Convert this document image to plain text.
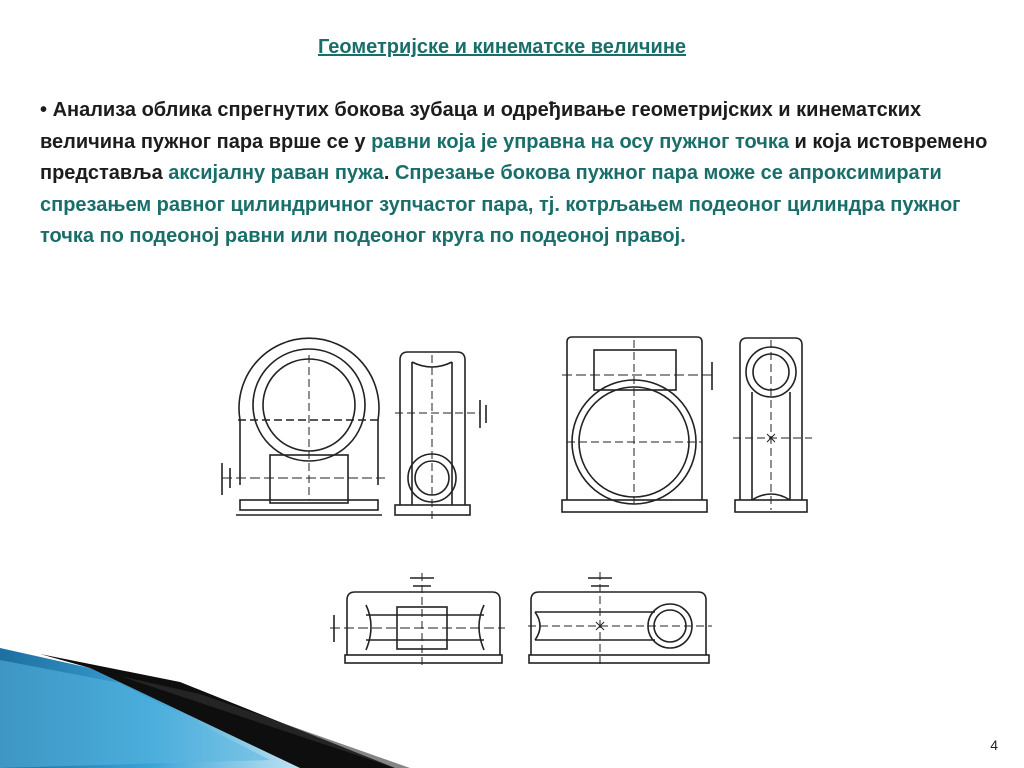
Геометријске и кинематске величине
• Анализа облика спрегнутих бокова зубаца и одређивање геометријских и кинематских величина пужног пара врше се у равни која је управна на осу пужног точка и која истовремено представља аксијалну раван пужа. Спрезање бокова пужног пара може се апроксимирати спрезањем равног цилиндричног зупчастог пара, тј. котрљањем подеоног цилиндра пужног точка по подеоној равни или подеоног круга по подеоној правој.
4
